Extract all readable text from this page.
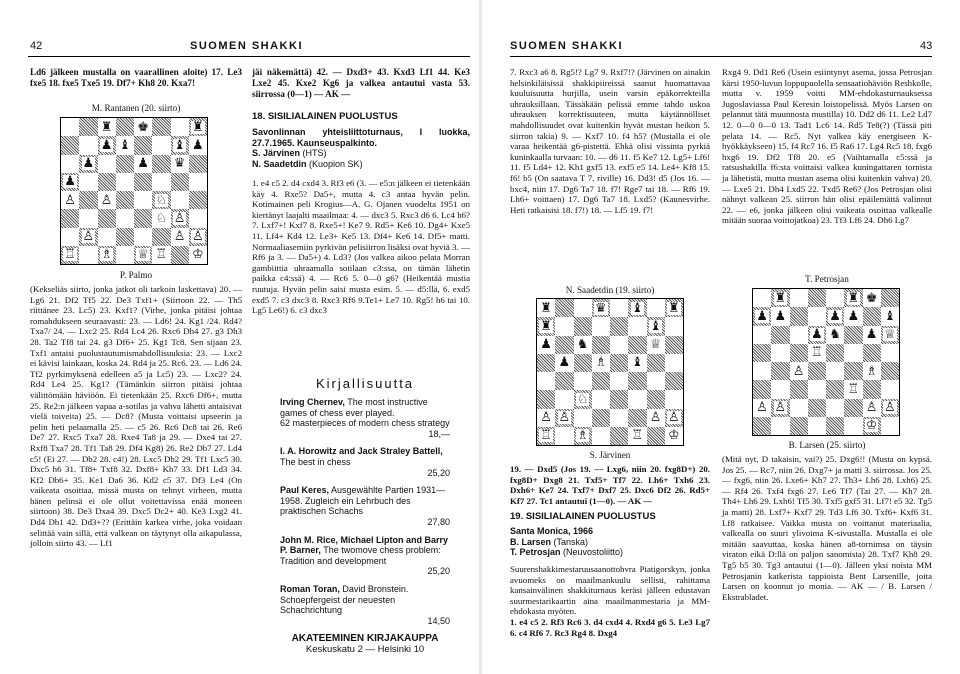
42	SUOMEN SHAKKI

Ld6 jälkeen mustalla on vaarallinen aloite) 17. Le3 fxe5 18. fxe5 Txe5 19. Df7+ Kh8 20. Kxa7!

M. Rantanen (20. siirto)
♜ ♚	♜
♟ ♝	♝ ♟
♟	♟ ♛
♟
♙ ♙	♘
♘ ♙
♙	♙ ♙
♖ ♗ ♕ ♖ ♔
P. Palmo

(Kekseliäs siirto, jonka jatkot oli tarkoin laskettava) 20. — Lg6 21. Df2 Tf5 22. De3 Txf1+ (Siirtoon 22. — Th5 riittänee 23. Lc5) 23. Kxf1? (Virhe, jonka pitäisi johtaa romahdukseen seuraavasti: 23. — Ld6! 24. Kg1 /24. Rd4? Txa7/ 24. — Lxc2 25. Rd4 Lc4 26. Rxc6 Dh4 27. g3 Dh3 28. Ta2 Tf8 tai 24. g3 Df6+ 25. Kg1 Tc8. Sen sijaan 23. Txf1 antaisi puolustautumismahdollisuuksia: 23. — Lxc2 ei kävisi lainkaan, koska 24. Rd4 ja 25. Rc6. 23. — Ld6 24. Tf2 pyrkimyksenä edelleen a5 ja Lc5) 23. — Lxc2? 24. Rd4 Le4 25. Kg1? (Tämänkin siirron pitäisi johtaa välittömään häviöön. Ei tietenkään 25. Rxc6 Df6+, mutta 25. Re2:n jälkeen vapaa a-sotilas ja vahva lähetti antaisivat vielä toiveita) 25. — Dc8? (Musta voittaisi upseerin ja pelin heti pelaamalla 25. — c5 26. Rc6 Dc8 tai 26. Re6 De7 27. Rxc5 Txa7 28. Rxe4 Ta8 ja 29. — Dxe4 tai 27. Rxf8 Txa7 28. Tf1 Ta8 29. Df4 Kg8) 26. Re2 Db7 27. Ld4 c5! (Ei 27. — Db2 28. c4!) 28. Lxc5 Db2 29. Tf1 Lxc5 30. Dxc5 h6 31. Tf8+ Txf8 32. Dxf8+ Kh7 33. Df1 Ld3 34. Kf2 Db6+ 35. Ke1 Da6 36. Kd2 c5 37. Df3 Le4 (On vaikeata osoittaa, missä musta on tehnyt virheen, mutta hänen pelinsä ei ole ollut voitettavissa enää moneen siirtoon) 38. De3 Dxa4 39. Dxc5 Dc2+ 40. Ke3 Lxg2 41. Dd4 Db1 42. Dd3+?? (Erittäin karkea virhe, joka voidaan selittää vain sillä, että valkean on täytynyt olla aikapulassa, jolloin siirto 43. — Lf1

jäi näkemättä) 42. — Dxd3+ 43. Kxd3 Lf1 44. Ke3 Lxe2 45. Kxe2 Kg6 ja valkea antautui vasta 53. siirrossa (0—1) — AK —

18. SISILIALAINEN PUOLUSTUS

Savonlinnan yhteisliittoturnaus, I luokka, 27.7.1965. Kaunseuspalkinto.

S. Järvinen (HTS)

N. Saadetdin (Kuopion SK)

1. e4 c5 2. d4 cxd4 3. Rf3 e6 (3. — e5:n jälkeen ei tietenkään käy 4. Rxe5? Da5+, mutta 4. c3 antaa hyvän pelin. Kotimainen peli Krogius—A. G. Ojanen vuodelta 1951 on kiertänyt laajalti maailmaa: 4. — dxc3 5. Rxc3 d6 6. Lc4 h6? 7. Lxf7+! Kxf7 8. Rxe5+! Ke7 9. Rd5+ Ke6 10. Dg4+ Kxe5 11. Lf4+ Kd4 12. Le3+ Ke5 13. Df4+ Ke6 14. Df5+ matti. Normaaliasemiin pyrkivän pelisiirron lisäksi ovat hyviä 3. — Rf6 ja 3. — Da5+) 4. Ld3? (Jos valkea aikoo pelata Morran gambiittia uhraamalla sotilaan c3:ssa, on tämän lähetin paikka c4:ssä) 4. — Rc6 5. 0—0 g6? (Heikentää mustia ruutuja. Hyvän pelin saisi musta esim. 5. — d5:llä, 6. exd5 exd5 7. c3 dxc3 8. Rxc3 Rf6 9.Te1+ Le7 10. Rg5! h6 tai 10. Lg5 Le6!) 6. c3 dxc3

Kirjallisuutta
Irving Chernev, The most instructive games of chess ever played.
62 masterpieces of modern chess strategy
18,—
I. A. Horowitz and Jack Straley Battell, The best in chess
25,20
Paul Keres, Ausgewählte Partien 1931—1958. Zugleich ein Lehrbuch des praktischen Schachs
27,80
John M. Rice, Michael Lipton and Barry P. Barner, The twomove chess problem: Tradition and development
25,20
Roman Toran, David Bronstein. Schoepfergeist der neuesten Schachrichtung
14,50
AKATEEMINEN KIRJAKAUPPA
Keskuskatu 2 — Helsinki 10
SUOMEN SHAKKI	43

7. Rxc3 a6 8. Rg5!? Lg7 9. Rxf7!? (Järvinen on ainakin helsinkiläisissä shakkipiireissä saanut huomattavaa kuuluisuutta hurjilla, usein varsin epäkorrekteilla uhrauksillaan. Tässäkään pelissä emme tahdo uskoa uhrauksen korrektisuuteen, mutta käytännölliset mahdollisuudet ovat kuitenkin hyvät mustan heikon 5. siirron takia) 9. — Kxf7 10. f4 h5? (Mustalla ei ole varaa heikentää g6-pistettä. Ehkä olisi vissinta pyrkiä kuninkaalla turvaan: 10. — d6 11. f5 Ke7 12. Lg5+ Lf6! 11. f5 Ld4+ 12. Kh1 gxf5 13. exf5 e5 14. Le4+ Kf8 15. f6! b5 (On saatava T 7. riville) 16. Dd3! d5 (Jos 16. — bxc4, niin 17. Dg6 Ta7 18. f7! Rge7 tai 18. — Rf6 19. Lh6+ voittaen) 17. Dg6 Ta7 18. Lxd5? (Kaunesvirhe. Heti ratkaisisi 18. f7!) 18. — Lf5 19. f7!

N. Saadetdin (19. siirto)
♜	♛ ♝ ♜
♜	♝
♟ ♞	♕
♟ ♗ ♝
♘
♙ ♙	♙ ♙
♖ ♗	♖ ♔
S. Järvinen

19. — Dxd5 (Jos 19. — Lxg6, niin 20. fxg8D+) 20. fxg8D+ Dxg8 21. Txf5+ Tf7 22. Lh6+ Txh6 23. Dxh6+ Ke7 24. Txf7+ Dxf7 25. Dxc6 Df2 26. Rd5+ Kf7 27. Tc1 antautui (1—0). — AK —

19. SISILIALAINEN PUOLUSTUS

Santa Monica, 1966

B. Larsen (Tanska)

T. Petrosjan (Neuvostoliitto)

Suurenshakkimestaruusaanottohvra Piatigorskyn, jonka avuomeks on maailmankuulu sellisti, rahittama kansainvälinen shakkiturnaus keräsi jälleen edustavan suurmestarikaartin aina maailmanmestaria ja MM-ehdokasta myöten.

1. e4 c5 2. Rf3 Rc6 3. d4 cxd4 4. Rxd4 g6 5. Le3 Lg7 6. c4 Rf6 7. Rc3 Rg4 8. Dxg4

Rxg4 9. Dd1 Re6 (Usein esiintynyt asema, jossa Petrosjan kärsi 1950-luvun loppupuolella sensaatiohäviön Reshkolle, mutta v. 1959 voitti MM-ehdokasturnauksessa Jugoslaviassa Paul Keresin loistopelissä. Myös Larsen on pelannut tätä muunnosta mustilla) 10. Dd2 d6 11. Le2 Ld7 12. 0—0 0—0 13. Tad1 Lc6 14. Rd5 Te8(?) (Tässä piti pelata 14. — Rc5. Nyt valkea käy energiseen K-hyökkäykseen) 15. f4 Rc7 16. f5 Ra6 17. Lg4 Rc5 18. fxg6 hxg6 19. Df2 Tf8 20. e5 (Vaihtamalla c5:ssä ja ratsushakilla f6:sta voittaisi valkea kuningattaren tornista ja lähetistä, mutta mustan asema olisi kuitenkin vahva) 20. — Lxe5 21. Dh4 Lxd5 22. Txd5 Re6? (Jos Petrosjan olisi nähnyt valkean 25. siirron hän olisi epäilemättä valinnut 22. — e6, jonka jälkeen olisi vaikeata osoittaa valkealle mitään suoraa voittojatkoa) 23. Tf3 Lf6 24. Dh6 Lg7

T. Petrosjan
♜	♜ ♚
♟ ♟	♟ ♟ ♝
♟ ♞ ♟ ♕
♖
♙	♗
♖
♙ ♙	♙ ♙
♔
B. Larsen (25. siirto)

(Mitä nyt, D takaisin, vai?) 25. Dxg6!! (Musta on kypsä. Jos 25. — Rc7, niin 26. Dxg7+ ja matti 3. siirrossa. Jos 25. — fxg6, niin 26. Lxe6+ Kh7 27. Th3+ Lh6 28. Lxh6) 25. — Rf4 26. Txf4 fxg6 27. Le6 Tf7 (Tai 27. — Kh7 28. Th4+ Lh6 29. Lxh6! Tf5 30. Txf5 gxf5 31. Lf7! e5 32. Tg5 ja matti) 28. Lxf7+ Kxf7 29. Td3 Lf6 30. Txf6+ Kxf6 31. Lf8 ratkaisee. Vaikka musta on voittanut materiaalia, valkealla on suuri ylivoima K-sivustalla. Mustalla ei ole mitään saavuttaa, koska hänen a8-tornimsa on täysin viraton eikä D:llä on paljon sanomista) 28. Txf7 Kh8 29. Tg5 b5 30. Tg3 antautui (1—0). Jälleen yksi noista MM Petrosjanin katkerista tappioista Bent Larsenille, joita Larsen on koonnut jo monia. — AK — / B. Larsen / Ekstrabladet.
